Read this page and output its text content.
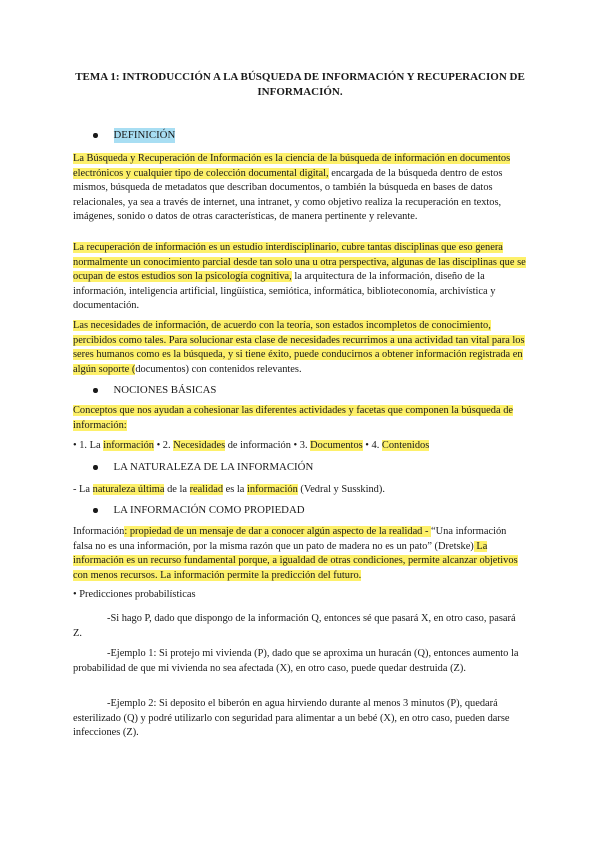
TEMA 1: INTRODUCCIÓN A LA BÚSQUEDA DE INFORMACIÓN Y RECUPERACION DE INFORMACIÓN.
DEFINICIÓN

La Búsqueda y Recuperación de Información es la ciencia de la búsqueda de información en documentos electrónicos y cualquier tipo de colección documental digital, encargada de la búsqueda dentro de estos mismos, búsqueda de metadatos que describan documentos, o también la búsqueda en bases de datos relacionales, ya sea a través de internet, una intranet, y como objetivo realiza la recuperación en textos, imágenes, sonido o datos de otras características, de manera pertinente y relevante.

La recuperación de información es un estudio interdisciplinario, cubre tantas disciplinas que eso genera normalmente un conocimiento parcial desde tan solo una u otra perspectiva, algunas de las disciplinas que se ocupan de estos estudios son la psicología cognitiva, la arquitectura de la información, diseño de la información, inteligencia artificial, lingüística, semiótica, informática, biblioteconomía, archivística y documentación.

Las necesidades de información, de acuerdo con la teoría, son estados incompletos de conocimiento, percibidos como tales. Para solucionar esta clase de necesidades recurrimos a una actividad tan vital para los seres humanos como es la búsqueda, y si tiene éxito, puede conducirnos a obtener información registrada en algún soporte (documentos) con contenidos relevantes.

NOCIONES BÁSICAS

Conceptos que nos ayudan a cohesionar las diferentes actividades y facetas que componen la búsqueda de información:

• 1. La información • 2. Necesidades de información • 3. Documentos • 4. Contenidos

LA NATURALEZA DE LA INFORMACIÓN

- La naturaleza última de la realidad es la información (Vedral y Susskind).

LA INFORMACIÓN COMO PROPIEDAD

Información: propiedad de un mensaje de dar a conocer algún aspecto de la realidad - “Una información falsa no es una información, por la misma razón que un pato de madera no es un pato” (Dretske) La información es un recurso fundamental porque, a igualdad de otras condiciones, permite alcanzar objetivos con menos recursos. La información permite la predicción del futuro.

• Predicciones probabilísticas

-Si hago P, dado que dispongo de la información Q, entonces sé que pasará X, en otro caso, pasará Z.

-Ejemplo 1: Si protejo mi vivienda (P), dado que se aproxima un huracán (Q), entonces aumento la probabilidad de que mi vivienda no sea afectada (X), en otro caso, puede quedar destruida (Z).

-Ejemplo 2: Si deposito el biberón en agua hirviendo durante al menos 3 minutos (P), quedará esterilizado (Q) y podré utilizarlo con seguridad para alimentar a un bebé (X), en otro caso, pueden darse infecciones (Z).
